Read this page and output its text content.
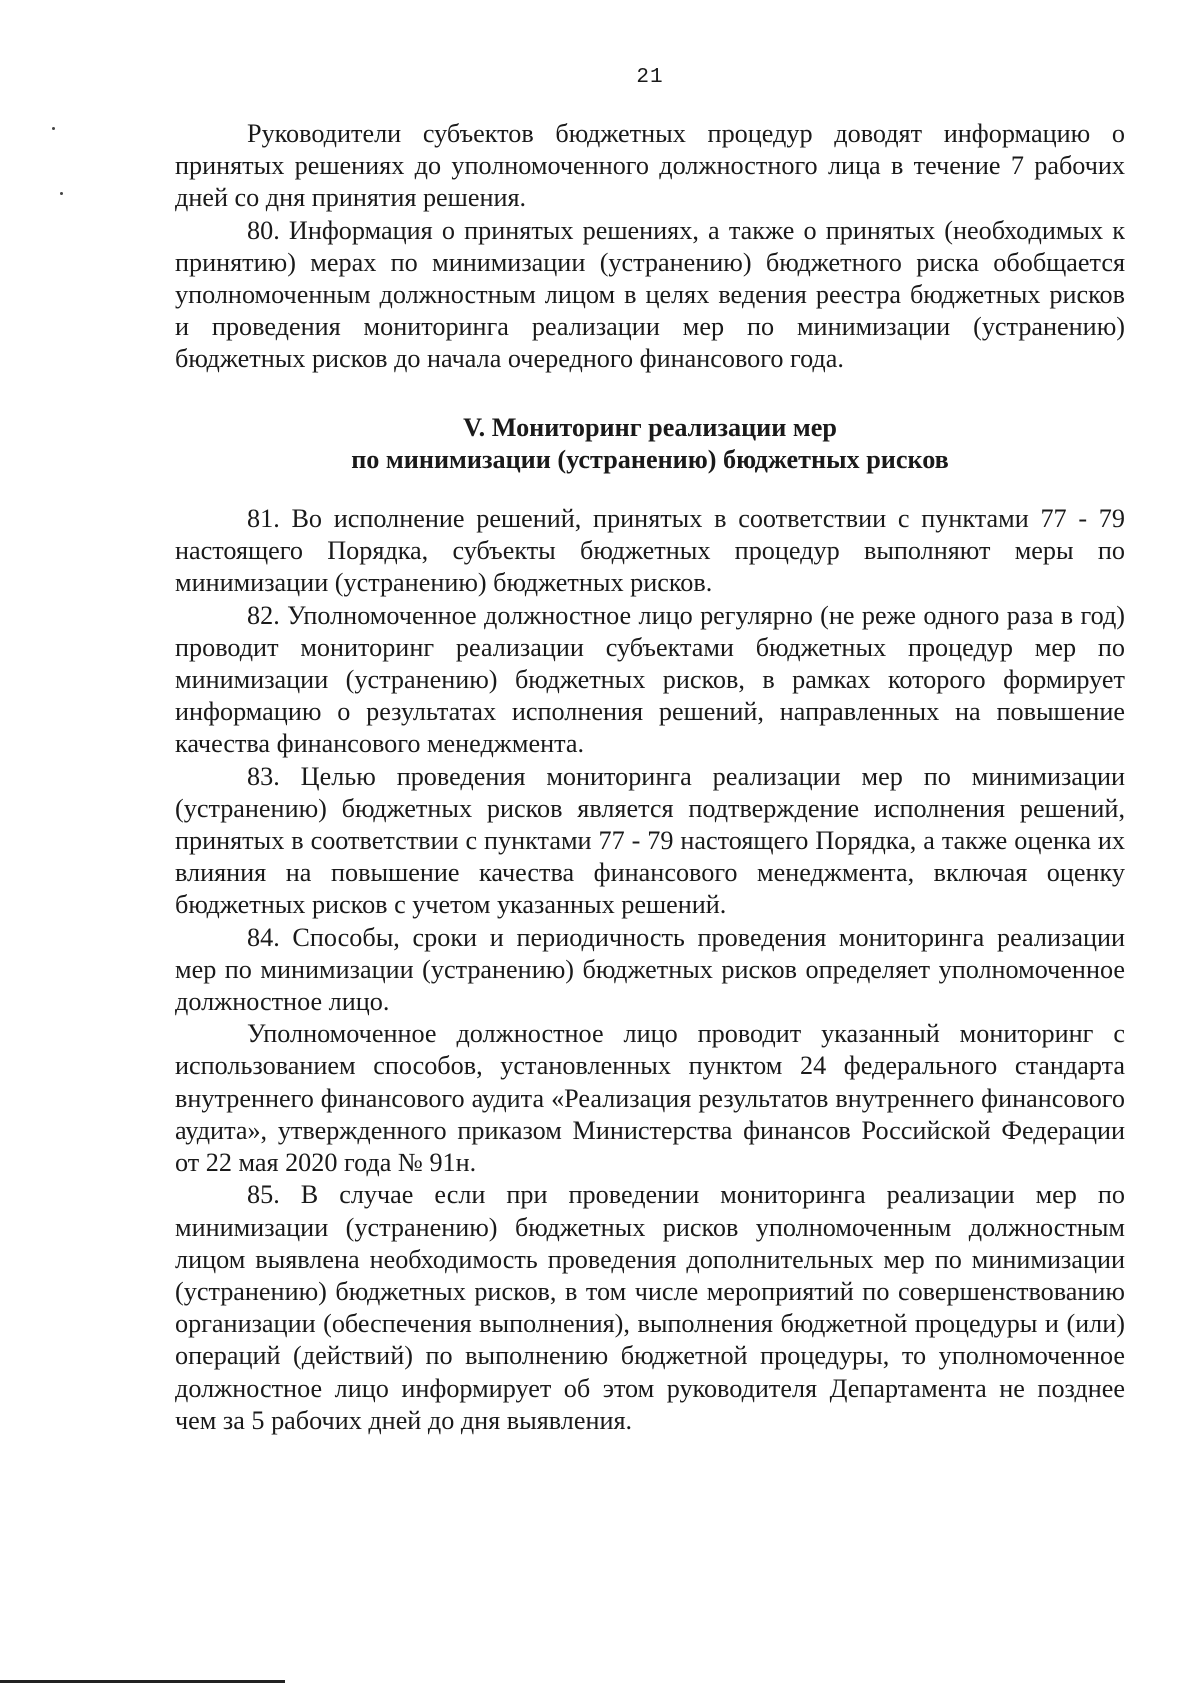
21

Руководители субъектов бюджетных процедур доводят информацию о принятых решениях до уполномоченного должностного лица в течение 7 рабочих дней со дня принятия решения.

80. Информация о принятых решениях, а также о принятых (необходимых к принятию) мерах по минимизации (устранению) бюджетного риска обобщается уполномоченным должностным лицом в целях ведения реестра бюджетных рисков и проведения мониторинга реализации мер по минимизации (устранению) бюджетных рисков до начала очередного финансового года.

V. Мониторинг реализации мер
по минимизации (устранению) бюджетных рисков

81. Во исполнение решений, принятых в соответствии с пунктами 77 - 79 настоящего Порядка, субъекты бюджетных процедур выполняют меры по минимизации (устранению) бюджетных рисков.

82. Уполномоченное должностное лицо регулярно (не реже одного раза в год) проводит мониторинг реализации субъектами бюджетных процедур мер по минимизации (устранению) бюджетных рисков, в рамках которого формирует информацию о результатах исполнения решений, направленных на повышение качества финансового менеджмента.

83. Целью проведения мониторинга реализации мер по минимизации (устранению) бюджетных рисков является подтверждение исполнения решений, принятых в соответствии с пунктами 77 - 79 настоящего Порядка, а также оценка их влияния на повышение качества финансового менеджмента, включая оценку бюджетных рисков с учетом указанных решений.

84. Способы, сроки и периодичность проведения мониторинга реализации мер по минимизации (устранению) бюджетных рисков определяет уполномоченное должностное лицо.

Уполномоченное должностное лицо проводит указанный мониторинг с использованием способов, установленных пунктом 24 федерального стандарта внутреннего финансового аудита «Реализация результатов внутреннего финансового аудита», утвержденного приказом Министерства финансов Российской Федерации от 22 мая 2020 года № 91н.

85. В случае если при проведении мониторинга реализации мер по минимизации (устранению) бюджетных рисков уполномоченным должностным лицом выявлена необходимость проведения дополнительных мер по минимизации (устранению) бюджетных рисков, в том числе мероприятий по совершенствованию организации (обеспечения выполнения), выполнения бюджетной процедуры и (или) операций (действий) по выполнению бюджетной процедуры, то уполномоченное должностное лицо информирует об этом руководителя Департамента не позднее чем за 5 рабочих дней до дня выявления.
